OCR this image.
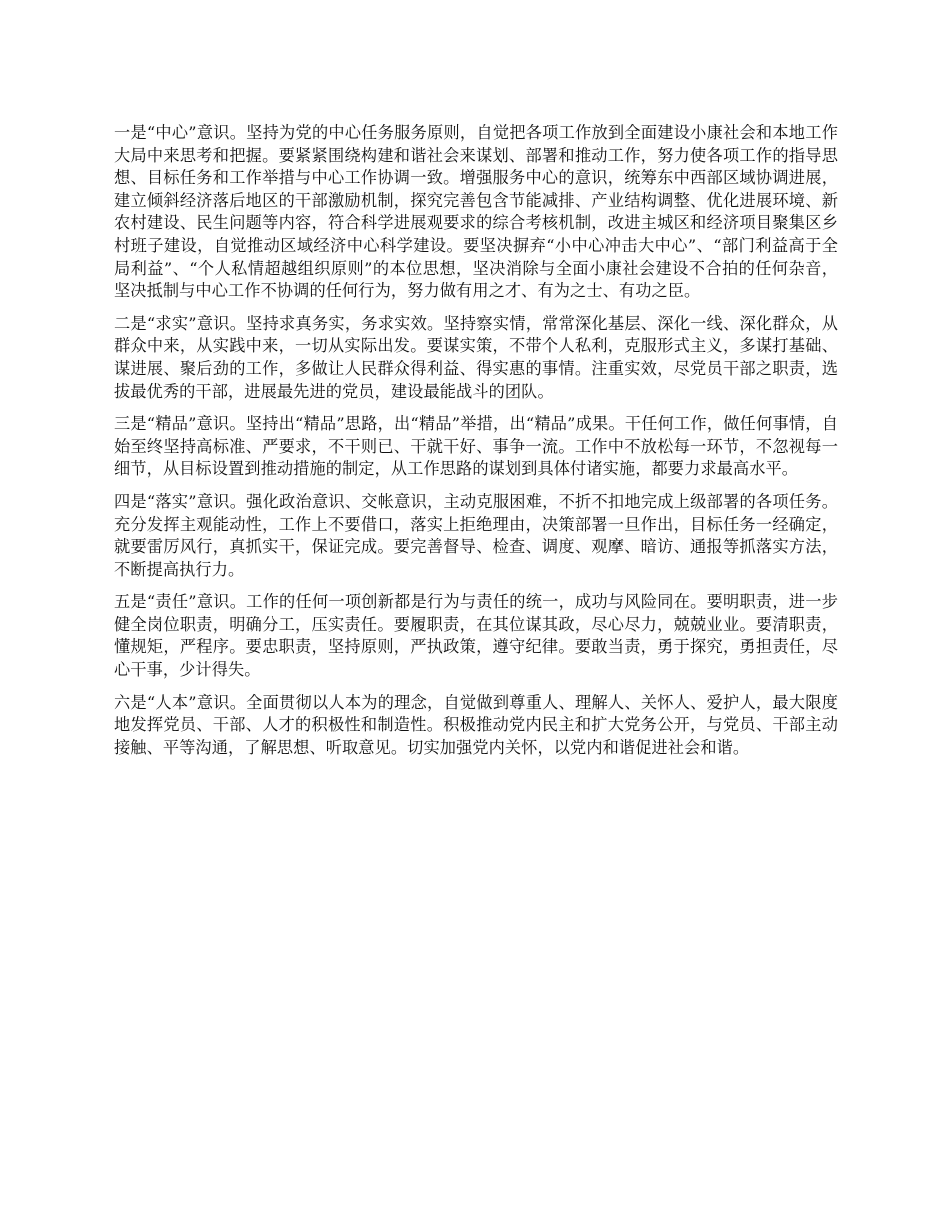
一是“中心”意识。坚持为党的中心任务服务原则，自觉把各项工作放到全面建设小康社会和本地工作大局中来思考和把握。要紧紧围绕构建和谐社会来谋划、部署和推动工作，努力使各项工作的指导思想、目标任务和工作举措与中心工作协调一致。增强服务中心的意识，统筹东中西部区域协调进展，建立倾斜经济落后地区的干部激励机制，探究完善包含节能减排、产业结构调整、优化进展环境、新农村建设、民生问题等内容，符合科学进展观要求的综合考核机制，改进主城区和经济项目聚集区乡村班子建设，自觉推动区域经济中心科学建设。要坚决摒弃“小中心冲击大中心”、“部门利益高于全局利益”、“个人私情超越组织原则”的本位思想，坚决消除与全面小康社会建设不合拍的任何杂音，坚决抵制与中心工作不协调的任何行为，努力做有用之才、有为之士、有功之臣。

二是“求实”意识。坚持求真务实，务求实效。坚持察实情，常常深化基层、深化一线、深化群众，从群众中来，从实践中来，一切从实际出发。要谋实策，不带个人私利，克服形式主义，多谋打基础、谋进展、聚后劲的工作，多做让人民群众得利益、得实惠的事情。注重实效，尽党员干部之职责，选拔最优秀的干部，进展最先进的党员，建设最能战斗的团队。

三是“精品”意识。坚持出“精品”思路，出“精品”举措，出“精品”成果。干任何工作，做任何事情，自始至终坚持高标准、严要求，不干则已、干就干好、事争一流。工作中不放松每一环节，不忽视每一细节，从目标设置到推动措施的制定，从工作思路的谋划到具体付诸实施，都要力求最高水平。

四是“落实”意识。强化政治意识、交帐意识，主动克服困难，不折不扣地完成上级部署的各项任务。充分发挥主观能动性，工作上不要借口，落实上拒绝理由，决策部署一旦作出，目标任务一经确定，就要雷厉风行，真抓实干，保证完成。要完善督导、检查、调度、观摩、暗访、通报等抓落实方法，不断提高执行力。

五是“责任”意识。工作的任何一项创新都是行为与责任的统一，成功与风险同在。要明职责，进一步健全岗位职责，明确分工，压实责任。要履职责，在其位谋其政，尽心尽力，兢兢业业。要清职责，懂规矩，严程序。要忠职责，坚持原则，严执政策，遵守纪律。要敢当责，勇于探究，勇担责任，尽心干事，少计得失。

六是“人本”意识。全面贯彻以人本为的理念，自觉做到尊重人、理解人、关怀人、爱护人，最大限度地发挥党员、干部、人才的积极性和制造性。积极推动党内民主和扩大党务公开，与党员、干部主动接触、平等沟通，了解思想、听取意见。切实加强党内关怀，以党内和谐促进社会和谐。
